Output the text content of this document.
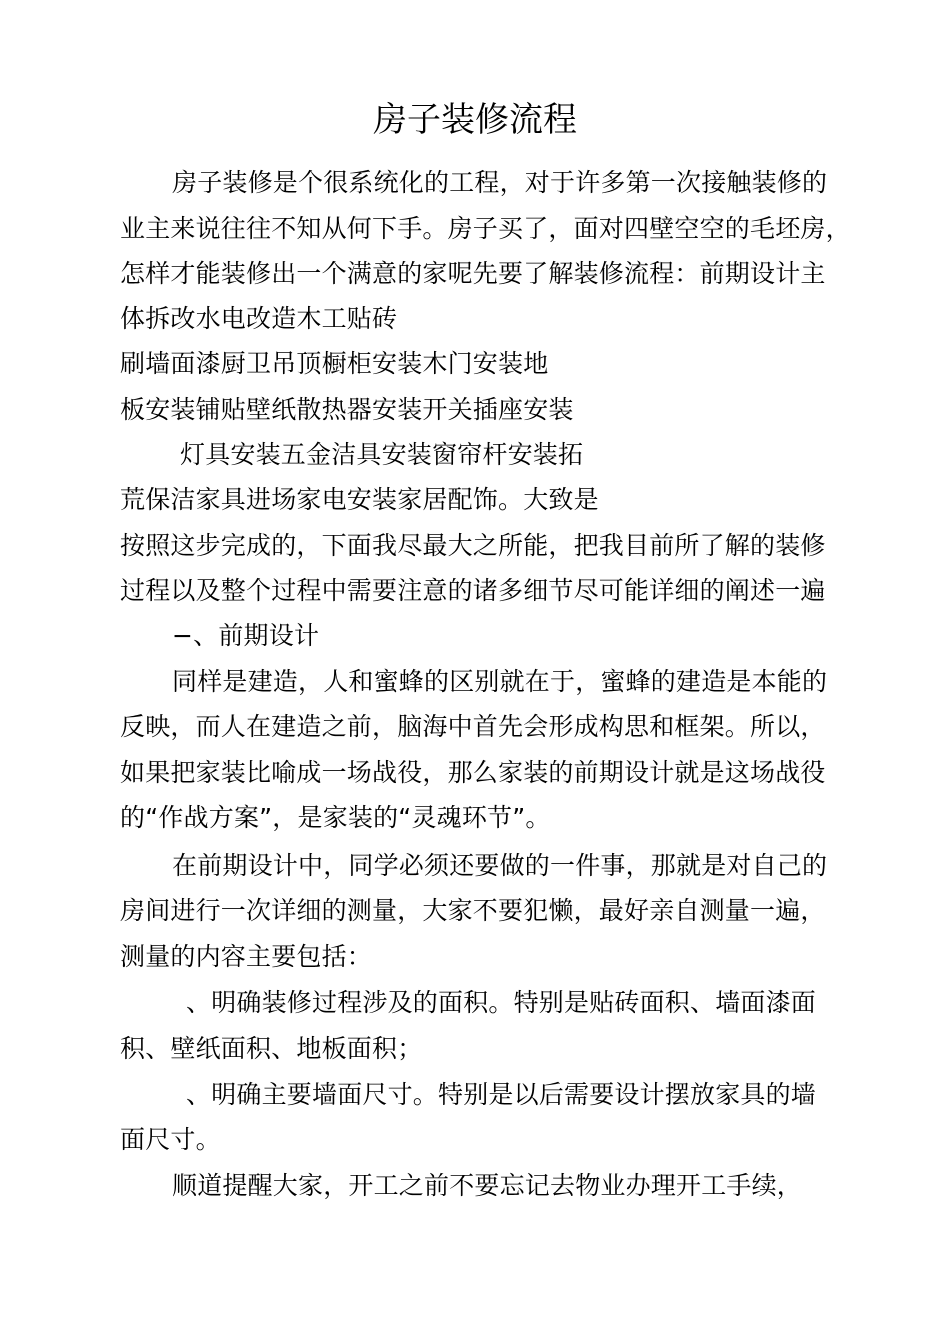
房子装修流程
房子装修是个很系统化的工程，对于许多第一次接触装修的
业主来说往往不知从何下手。房子买了，面对四壁空空的毛坯房，
怎样才能装修出一个满意的家呢先要了解装修流程：前期设计主
体拆改水电改造木工贴砖
刷墙面漆厨卫吊顶橱柜安装木门安装地
板安装铺贴壁纸散热器安装开关插座安装
灯具安装五金洁具安装窗帘杆安装拓
荒保洁家具进场家电安装家居配饰。大致是
按照这步完成的，下面我尽最大之所能，把我目前所了解的装修
过程以及整个过程中需要注意的诸多细节尽可能详细的阐述一遍
−、前期设计
同样是建造，人和蜜蜂的区别就在于，蜜蜂的建造是本能的
反映，而人在建造之前，脑海中首先会形成构思和框架。所以，
如果把家装比喻成一场战役，那么家装的前期设计就是这场战役
的“作战方案”，是家装的“灵魂环节”。
在前期设计中，同学必须还要做的一件事，那就是对自己的
房间进行一次详细的测量，大家不要犯懒，最好亲自测量一遍，
测量的内容主要包括：
、明确装修过程涉及的面积。特别是贴砖面积、墙面漆面
积、壁纸面积、地板面积；
、明确主要墙面尺寸。特别是以后需要设计摆放家具的墙
面尺寸。
顺道提醒大家，开工之前不要忘记去物业办理开工手续，
